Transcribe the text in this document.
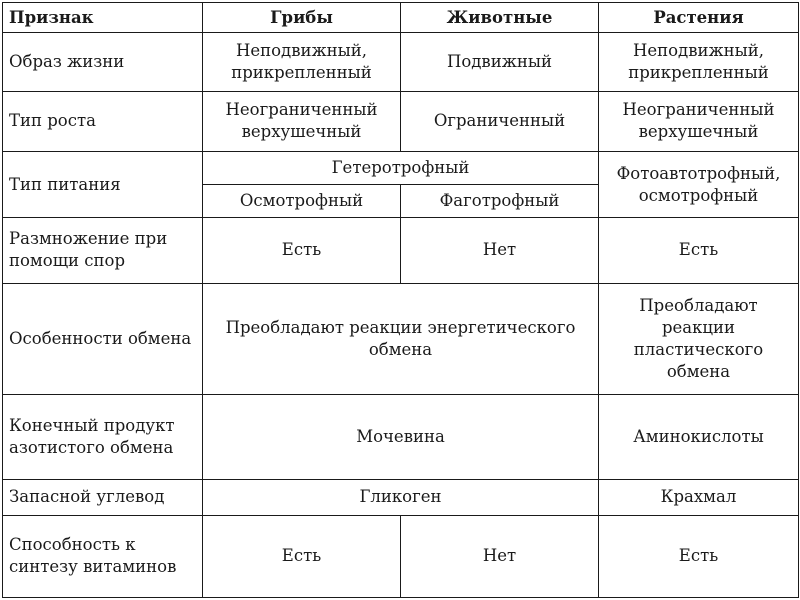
Признак	Грибы	Животные	Растения
Образ жизни	Неподвижный, прикрепленный	Подвижный	Неподвижный, прикрепленный
Тип роста	Неограниченный верхушечный	Ограниченный	Неограниченный верхушечный
Тип питания	Гетеротрофный		Фотоавтотрофный, осмотрофный
	Осмотрофный	Фаготрофный	
Размножение при помощи спор	Есть	Нет	Есть
Особенности обмена	Преобладают реакции энергетического обмена		Преобладают реакции пластического обмена
Конечный продукт азотистого обмена	Мочевина		Аминокислоты
Запасной углевод	Гликоген		Крахмал
Способность к синтезу витаминов	Есть	Нет	Есть
